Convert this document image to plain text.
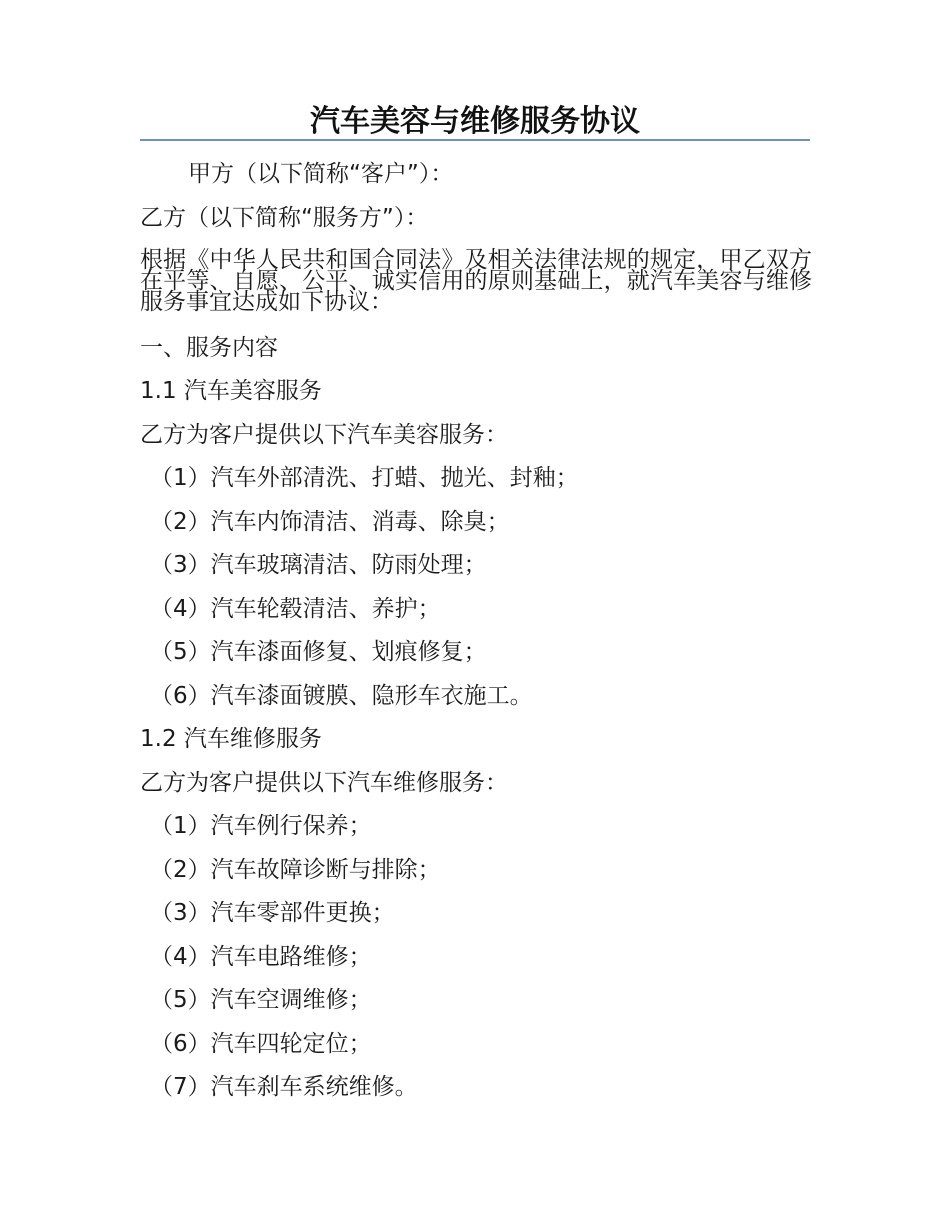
汽车美容与维修服务协议
甲方（以下简称“客户”）：
乙方（以下简称“服务方”）：
根据《中华人民共和国合同法》及相关法律法规的规定，甲乙双方在平等、自愿、公平、诚实信用的原则基础上，就汽车美容与维修服务事宜达成如下协议：
一、服务内容
1.1 汽车美容服务
乙方为客户提供以下汽车美容服务：
（1）汽车外部清洗、打蜡、抛光、封釉；
（2）汽车内饰清洁、消毒、除臭；
（3）汽车玻璃清洁、防雨处理；
（4）汽车轮毂清洁、养护；
（5）汽车漆面修复、划痕修复；
（6）汽车漆面镀膜、隐形车衣施工。
1.2 汽车维修服务
乙方为客户提供以下汽车维修服务：
（1）汽车例行保养；
（2）汽车故障诊断与排除；
（3）汽车零部件更换；
（4）汽车电路维修；
（5）汽车空调维修；
（6）汽车四轮定位；
（7）汽车刹车系统维修。
